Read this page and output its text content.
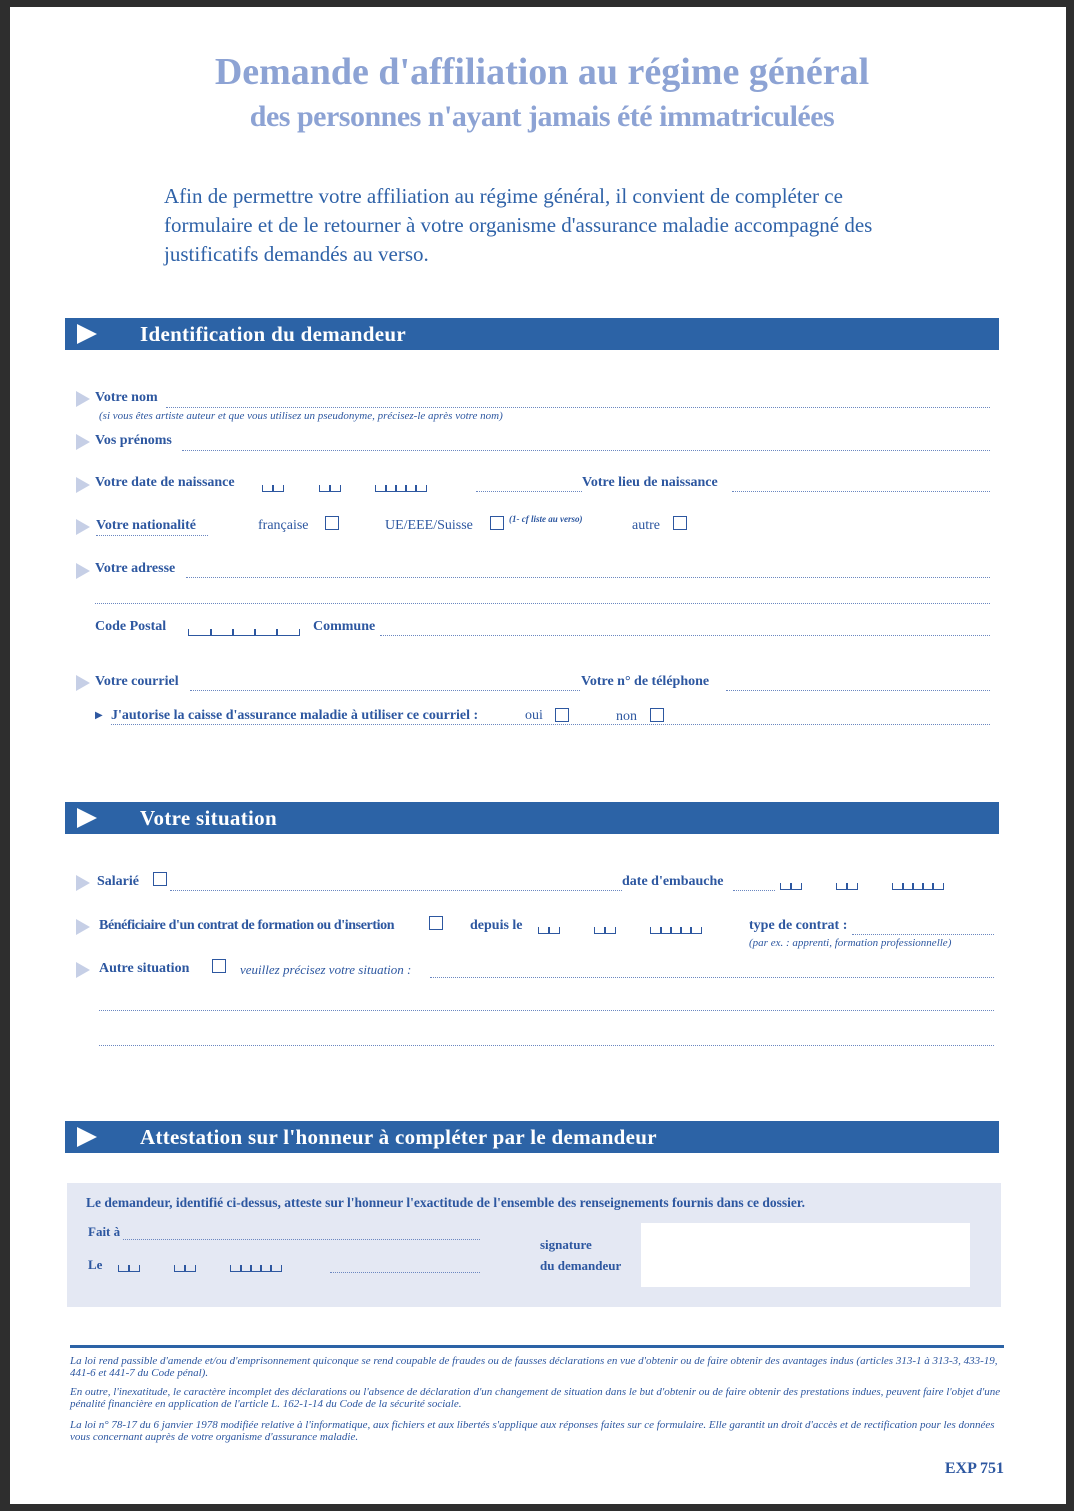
Demande d'affiliation au régime général
des personnes n'ayant jamais été immatriculées
Afin de permettre votre affiliation au régime général, il convient de compléter ce formulaire et de le retourner à votre organisme d'assurance maladie accompagné des justificatifs demandés au verso.
Identification du demandeur
Votre nom
(si vous êtes artiste auteur et que vous utilisez un pseudonyme, précisez-le après votre nom)
Vos prénoms
Votre date de naissance	Votre lieu de naissance
Votre nationalité	française	UE/EEE/Suisse	(1- cf liste au verso)	autre
Votre adresse
Code Postal	Commune
Votre courriel	Votre n° de téléphone
▶ J'autorise la caisse d'assurance maladie à utiliser ce courriel :	oui	non
Votre situation
Salarié	date d'embauche
Bénéficiaire d'un contrat de formation ou d'insertion	depuis le	type de contrat :
(par ex. : apprenti, formation professionnelle)
Autre situation	veuillez précisez votre situation :
Attestation sur l'honneur à compléter par le demandeur
Le demandeur, identifié ci-dessus, atteste sur l'honneur l'exactitude de l'ensemble des renseignements fournis dans ce dossier.
Fait à
Le
signature
du demandeur
La loi rend passible d'amende et/ou d'emprisonnement quiconque se rend coupable de fraudes ou de fausses déclarations en vue d'obtenir ou de faire obtenir des avantages indus (articles 313-1 à 313-3, 433-19, 441-6 et 441-7 du Code pénal).
En outre, l'inexatitude, le caractère incomplet des déclarations ou l'absence de déclaration d'un changement de situation dans le but d'obtenir ou de faire obtenir des prestations indues, peuvent faire l'objet d'une pénalité financière en application de l'article L. 162-1-14 du Code de la sécurité sociale.
La loi n° 78-17 du 6 janvier 1978 modifiée relative à l'informatique, aux fichiers et aux libertés s'applique aux réponses faites sur ce formulaire. Elle garantit un droit d'accès et de rectification pour les données vous concernant auprès de votre organisme d'assurance maladie.
EXP 751
